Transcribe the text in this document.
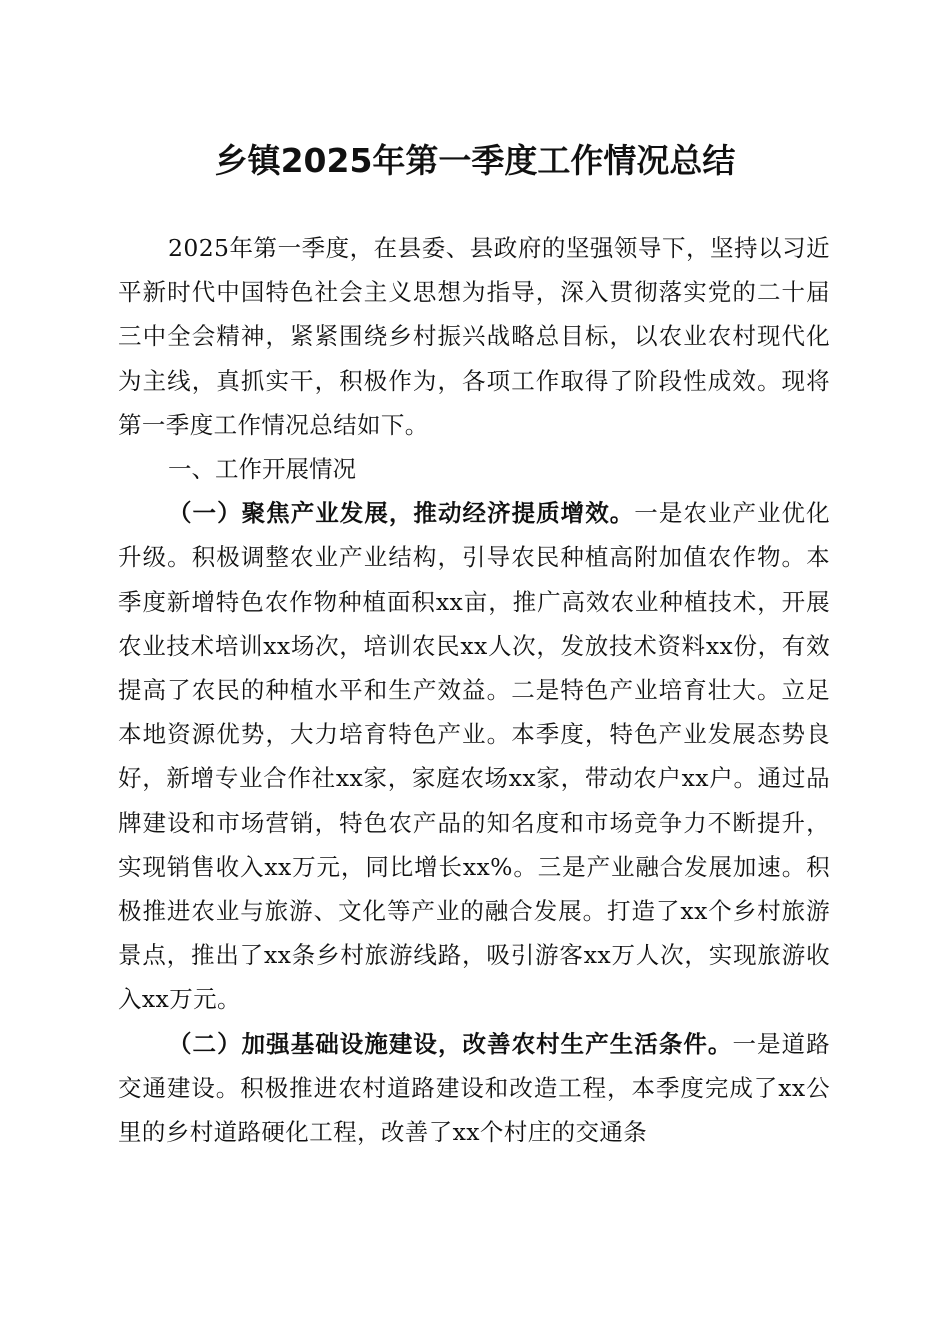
乡镇2025年第一季度工作情况总结

2025年第一季度，在县委、县政府的坚强领导下，坚持以习近平新时代中国特色社会主义思想为指导，深入贯彻落实党的二十届三中全会精神，紧紧围绕乡村振兴战略总目标，以农业农村现代化为主线，真抓实干，积极作为，各项工作取得了阶段性成效。现将第一季度工作情况总结如下。

一、工作开展情况

（一）聚焦产业发展，推动经济提质增效。一是农业产业优化升级。积极调整农业产业结构，引导农民种植高附加值农作物。本季度新增特色农作物种植面积xx亩，推广高效农业种植技术，开展农业技术培训xx场次，培训农民xx人次，发放技术资料xx份，有效提高了农民的种植水平和生产效益。二是特色产业培育壮大。立足本地资源优势，大力培育特色产业。本季度，特色产业发展态势良好，新增专业合作社xx家，家庭农场xx家，带动农户xx户。通过品牌建设和市场营销，特色农产品的知名度和市场竞争力不断提升，实现销售收入xx万元，同比增长xx%。三是产业融合发展加速。积极推进农业与旅游、文化等产业的融合发展。打造了xx个乡村旅游景点，推出了xx条乡村旅游线路，吸引游客xx万人次，实现旅游收入xx万元。

（二）加强基础设施建设，改善农村生产生活条件。一是道路交通建设。积极推进农村道路建设和改造工程，本季度完成了xx公里的乡村道路硬化工程，改善了xx个村庄的交通条
